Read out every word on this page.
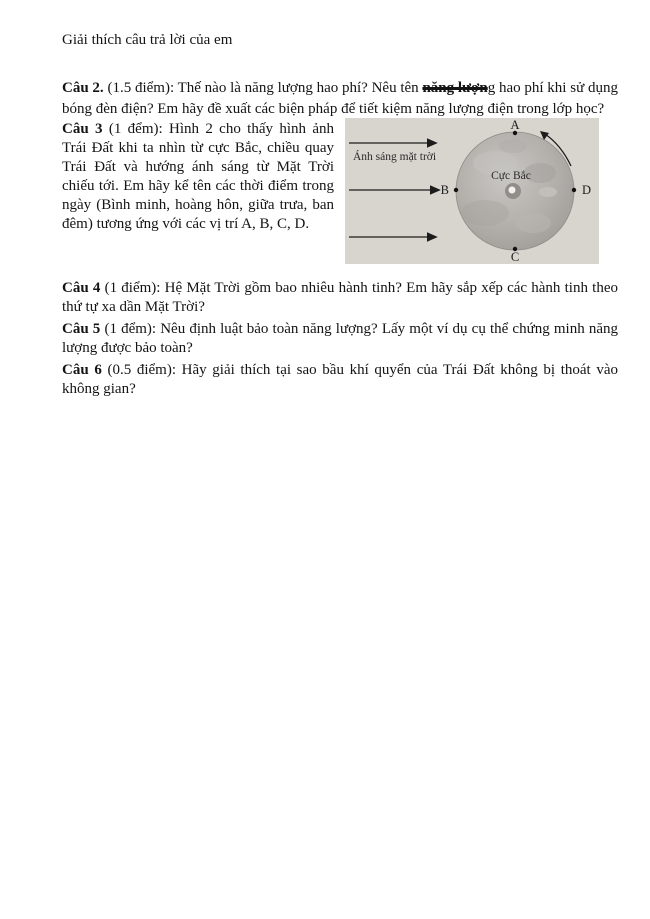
Giải thích câu trả lời của em

Câu 2. (1.5 điểm): Thế nào là năng lượng hao phí? Nêu tên năng lượng hao phí khi sử dụng bóng đèn điện? Em hãy đề xuất các biện pháp để tiết kiệm năng lượng điện trong lớp học?

Câu 3 (1 đểm): Hình 2 cho thấy hình ảnh Trái Đất khi ta nhìn từ cực Bắc, chiều quay Trái Đất và hướng ánh sáng từ Mặt Trời chiếu tới. Em hãy kể tên các thời điểm trong ngày (Bình minh, hoàng hôn, giữa trưa, ban đêm) tương ứng với các vị trí A, B, C, D.

Ánh sáng mặt trời
A
B
C
D
Cực Bắc

Câu 4 (1 điểm): Hệ Mặt Trời gồm bao nhiêu hành tinh? Em hãy sắp xếp các hành tinh theo thứ tự xa dần Mặt Trời?

Câu 5 (1 đểm): Nêu định luật bảo toàn năng lượng? Lấy một ví dụ cụ thể chứng minh năng lượng được bảo toàn?

Câu 6 (0.5 điểm): Hãy giải thích tại sao bầu khí quyển của Trái Đất không bị thoát vào không gian?
